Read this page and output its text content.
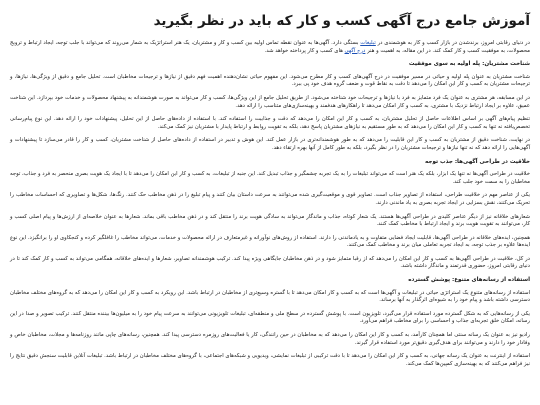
آموزش جامع درج آگهی کسب و کار که باید در نظر بگیرید

در دنیای رقابتی امروز، برندشدن در بازار کسب و کار به هوشمندی در تبلیغات بستگی دارد. آگهی‌ها به عنوان نقطه تماس اولیه بین کسب و کار و مشتریان، یک هنر استراتژیک به شمار می‌روند که می‌تواند با جلب توجه، ایجاد ارتباط و ترویج محصولات، به موفقیت کسب و کار کمک کند. در این مقاله، به اهمیت و هنر درج آگهی های کسب و کار پرداخته خواهد شد.

شناخت مشتریان: پله اولیه به سوی موفقیت

شناخت مشتریان به عنوان پله اولیه و حیاتی در مسیر موفقیت در درج آگهی‌های کسب و کار مطرح می‌شود. این مفهوم حیاتی نشان‌دهنده اهمیت فهم دقیق از نیازها و ترجیحات مخاطبان است. تحلیل جامع و دقیق از ویژگی‌ها، نیازها، و ترجیحات مشتریان به کسب و کار این امکان را می‌دهد تا دقت به نقاط قوت و ضعف گروه هدف خود پی ببرد.

در این مسابقه، هر مشتری به عنوان یک فرد متمایز به فرد با نیازها و ترجیحات خود شناخته می‌شود. از طریق تحلیل جامع از این ویژگی‌ها، کسب و کار می‌تواند به صورت هوشمندانه به پیشنهاد محصولات و خدمات خود بپردازد. این شناخت عمیق، علاوه بر ایجاد ارتباط نزدیک با مشتری، به کسب و کار امکان می‌دهد تا راهکارهای هدفمند و بهینه‌سازی‌های متناسب را ارائه دهد.

تنظیم پیام‌های آگهی بر اساس اطلاعات حاصل از تحلیل مشتریان، به کسب و کار این امکان را می‌دهد که دقت و جذابیت را استفاده کند. با استفاده از داده‌های حاصل از این تحلیل، پیشنهادات خود را ارائه دهد. این نوع پیام‌رسانی تخصص‌یافته نه تنها به کسب و کار این امکان را می‌دهد که به طور مستقیم به نیازهای مشتریان پاسخ دهد، بلکه به تقویت روابط و ارتباط پایدار با مشتریان نیز کمک می‌کند.

در نهایت، شناخت دقیق از مشتریان به کسب و کار این قابلیت را می‌دهد که به طور هوشمندانه‌تری در بازار عمل کند. این هوش و تدبیر در استفاده از داده‌های حاصل از شناخت مشتریان، کسب و کار را قادر می‌سازد تا پیشنهادات و آگهی‌هایی را ارائه دهد که نه تنها نیازها و ترجیحات مشتریان را در نظر بگیرد، بلکه به طور کامل از آنها بهره ارتقاء دهد.

خلاقیت در طراحی آگهی‌ها: جذب توجه

خلاقیت در طراحی آگهی‌ها نه تنها یک ابزار، بلکه یک هنر است که می‌تواند تبلیغات را به یک تجربه چشمگیر و جذاب تبدیل کند. این جنبه از تبلیغات، به کسب و کار این امکان را می‌دهد تا با ایجاد یک هویت بصری منحصر به فرد و جذاب، توجه مخاطبان را به سمت خود جلب کند.

یکی از عناصر مهم در خلاقیت طراحی، استفاده از تصاویر جذاب است. تصاویر قوی و موقعیت‌گیری شده می‌توانند به سرعت داستان بیان کنند و پیام تبلیغ را در ذهن مخاطب حک کنند. رنگ‌ها، شکل‌ها و تصاویری که احساسات مخاطب را تحریک می‌کنند، نقش بسزایی در ایجاد تجربه بصری به یاد ماندنی دارند.

شعارهای خلاقانه نیز از دیگر عناصر کلیدی در طراحی آگهی‌ها هستند. یک شعار کوتاه، جذاب و ماندگار می‌تواند به سادگی هویت برند را منتقل کند و در ذهن مخاطب باقی بماند. شعارها به عنوان خلاصه‌ای از ارزش‌ها و پیام اصلی کسب و کار، می‌توانند به تقویت هویت برند و ایجاد ارتباط با مخاطب کمک کنند.

همچنین، ایده‌های خلاقانه در طراحی آگهی‌ها، قابلیت ایجاد فضایی متفاوت و به یادماندنی را دارند. استفاده از روش‌های نوآورانه و غیرمتعارف در ارائه محصولات و خدمات، می‌تواند مخاطب را غافلگیر کرده و کنجکاوی او را برانگیزد. این نوع ایده‌ها علاوه بر جذب توجه، به ایجاد تجربه تعاملی میان برند و مخاطب کمک می‌کنند.

در کل، خلاقیت در طراحی آگهی‌ها به کسب و کار این امکان را می‌دهد که از رقبا متمایز شود و در ذهن مخاطبان جایگاهی ویژه پیدا کند. ترکیب هوشمندانه تصاویر، شعارها و ایده‌های خلاقانه، همگامی می‌تواند به کسب و کار کمک کند تا در دنیای رقابتی امروز، حضوری قدرتمند و ماندگار داشته باشد.

استفاده از رسانه‌های متنوع: پوشش گسترده

استفاده از رسانه‌های متنوع یک استراتژی حیاتی در تبلیغات و آگهی‌ها است که به کسب و کار امکان می‌دهد تا با گستره وسیع‌تری از مخاطبان در ارتباط باشد. این رویکرد به کسب و کار این امکان را می‌دهد که به گروه‌های مختلف مخاطبان دسترسی داشته باشد و پیام خود را به شیوه‌ای اثرگذار به آنها برساند.

یکی از رسانه‌هایی که به شکل گسترده مورد استفاده قرار می‌گیرد، تلویزیون است. با پوشش گسترده در سطح ملی و منطقه‌ای، تبلیغات تلویزیونی می‌توانند به سرعت پیام خود را به میلیون‌ها بیننده منتقل کنند. ترکیب تصویر و صدا در این رسانه، امکان خلق تجربه‌ای جذاب و احساسی را برای مخاطب فراهم می‌آورد.

رادیو نیز به عنوان یک رسانه سنتی اما همچنان کارآمد، به کسب و کار این امکان را می‌دهد که به مخاطبان در حین رانندگی، کار یا فعالیت‌های روزمره دسترسی پیدا کند. همچنین، رسانه‌های چاپی مانند روزنامه‌ها و مجلات، مخاطبان خاص و وفادار خود را دارند و می‌توانند برای هدف‌گیری دقیق‌تر مورد استفاده قرار گیرند.

استفاده از اینترنت به عنوان یک رسانه جهانی، به کسب و کار این امکان را می‌دهد تا با دقت ترکیبی از تبلیغات نمایشی، ویدیویی و شبکه‌های اجتماعی، با گروه‌های مختلف مخاطبان در ارتباط باشد. تبلیغات آنلاین قابلیت سنجش دقیق نتایج را نیز فراهم می‌کنند که به بهینه‌سازی کمپین‌ها کمک می‌کند.
